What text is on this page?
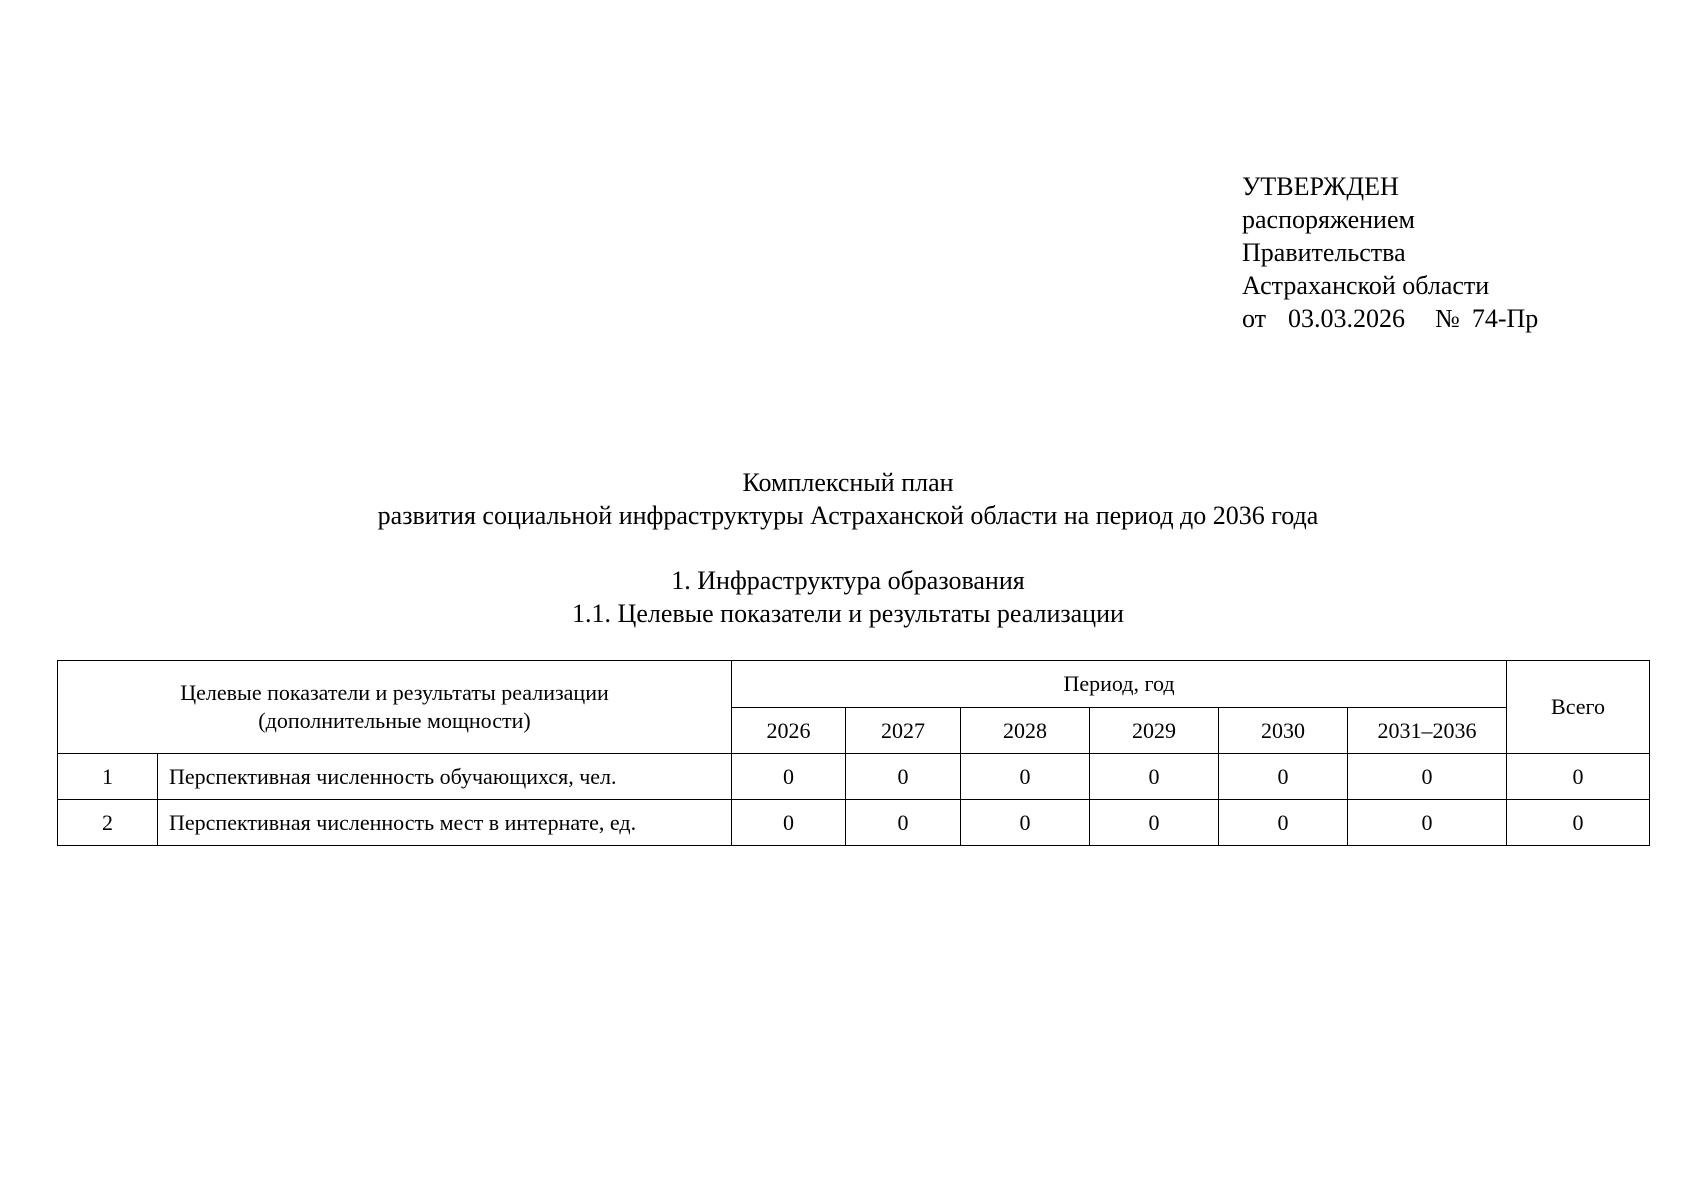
УТВЕРЖДЕН
распоряжением
Правительства
Астраханской области
от 03.03.2026 № 74-Пр
Комплексный план
развития социальной инфраструктуры Астраханской области на период до 2036 года
1. Инфраструктура образования
1.1. Целевые показатели и результаты реализации
Целевые показатели и результаты реализации
(дополнительные мощности)		Период, год						Всего
		2026	2027	2028	2029	2030	2031–2036	
1	Перспективная численность обучающихся, чел.	0	0	0	0	0	0	0
2	Перспективная численность мест в интернате, ед.	0	0	0	0	0	0	0
